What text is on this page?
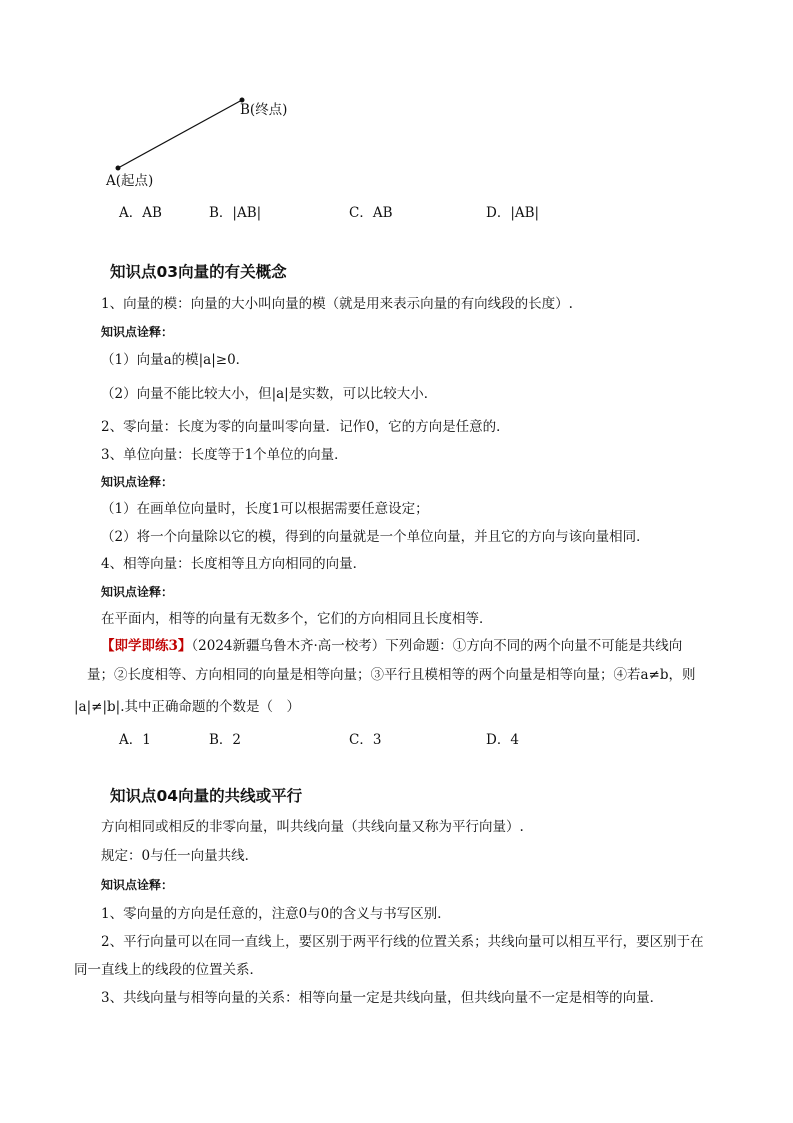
B(终点)
A(起点)
A．AB	B．|AB|	C．AB	D．|AB|
知识点03向量的有关概念
1、向量的模：向量的大小叫向量的模（就是用来表示向量的有向线段的长度）.
知识点诠释：
（1）向量a的模|a|≥0．
（2）向量不能比较大小，但|a|是实数，可以比较大小．
2、零向量：长度为零的向量叫零向量．记作0，它的方向是任意的．
3、单位向量：长度等于1个单位的向量．
知识点诠释：
（1）在画单位向量时，长度1可以根据需要任意设定；
（2）将一个向量除以它的模，得到的向量就是一个单位向量，并且它的方向与该向量相同．
4、相等向量：长度相等且方向相同的向量．
知识点诠释：
在平面内，相等的向量有无数多个，它们的方向相同且长度相等．
【即学即练3】（2024新疆乌鲁木齐·高一校考）下列命题：①方向不同的两个向量不可能是共线向
量；②长度相等、方向相同的向量是相等向量；③平行且模相等的两个向量是相等向量；④若a≠b，则
|a|≠|b|.其中正确命题的个数是（　）
A．1	B．2	C．3	D．4
知识点04向量的共线或平行
方向相同或相反的非零向量，叫共线向量（共线向量又称为平行向量）.
规定：0与任一向量共线．
知识点诠释：
1、零向量的方向是任意的，注意0与0的含义与书写区别．
2、平行向量可以在同一直线上，要区别于两平行线的位置关系；共线向量可以相互平行，要区别于在
同一直线上的线段的位置关系．
3、共线向量与相等向量的关系：相等向量一定是共线向量，但共线向量不一定是相等的向量．
